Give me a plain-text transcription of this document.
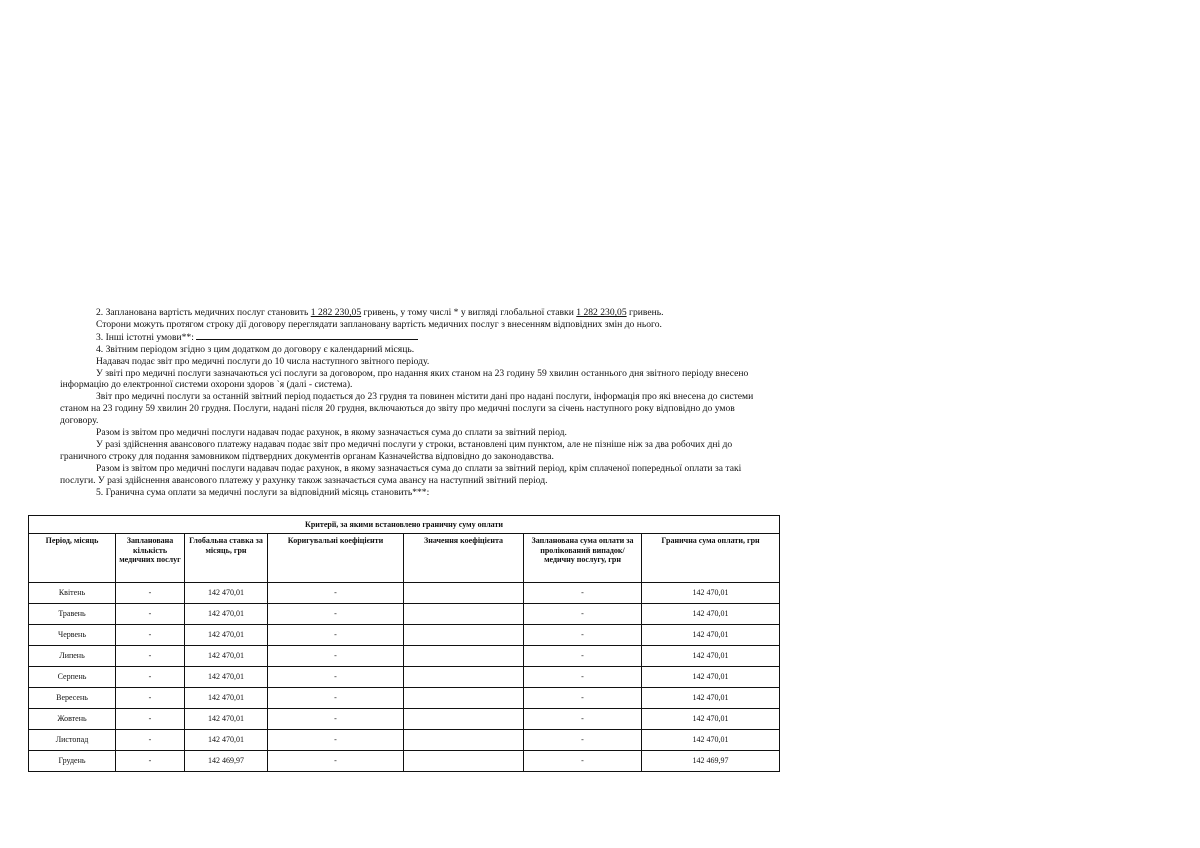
2. Запланована вартість медичних послуг становить 1 282 230,05 гривень, у тому числі * у вигляді глобальної ставки 1 282 230,05 гривень.

Сторони можуть протягом строку дії договору переглядати заплановану вартість медичних послуг з внесенням відповідних змін до нього.

3. Інші істотні умови**:

4. Звітним періодом згідно з цим додатком до договору є календарний місяць.

Надавач подає звіт про медичні послуги до 10 числа наступного звітного періоду.

У звіті про медичні послуги зазначаються усі послуги за договором, про надання яких станом на 23 годину 59 хвилин останнього дня звітного періоду внесено інформацію до електронної системи охорони здоров `я (далі - система).

Звіт про медичні послуги за останній звітний період подається до 23 грудня та повинен містити дані про надані послуги, інформація про які внесена до системи станом на 23 годину 59 хвилин 20 грудня. Послуги, надані після 20 грудня, включаються до звіту про медичні послуги за січень наступного року відповідно до умов договору.

Разом із звітом про медичні послуги надавач подає рахунок, в якому зазначається сума до сплати за звітний період.

У разі здійснення авансового платежу надавач подає звіт про медичні послуги у строки, встановлені цим пунктом, але не пізніше ніж за два робочих дні до граничного строку для подання замовником підтвердних документів органам Казначейства відповідно до законодавства.

Разом із звітом про медичні послуги надавач подає рахунок, в якому зазначається сума до сплати за звітний період, крім сплаченої попередньої оплати за такі послуги. У разі здійснення авансового платежу у рахунку також зазначається сума авансу на наступний звітний період.

5. Гранична сума оплати за медичні послуги за відповідний місяць становить***:

Критерії, за якими встановлено граничну суму оплати						
Період, місяць	Запланована кількість медичних послуг	Глобальна ставка за місяць, грн	Коригувальні коефіцієнти	Значення коефіцієнта	Запланована сума оплати за пролікований випадок/медичну послугу, грн	Гранична сума оплати, грн
Квітень	-	142 470,01	-		-	142 470,01
Травень	-	142 470,01	-		-	142 470,01
Червень	-	142 470,01	-		-	142 470,01
Липень	-	142 470,01	-		-	142 470,01
Серпень	-	142 470,01	-		-	142 470,01
Вересень	-	142 470,01	-		-	142 470,01
Жовтень	-	142 470,01	-		-	142 470,01
Листопад	-	142 470,01	-		-	142 470,01
Грудень	-	142 469,97	-		-	142 469,97
